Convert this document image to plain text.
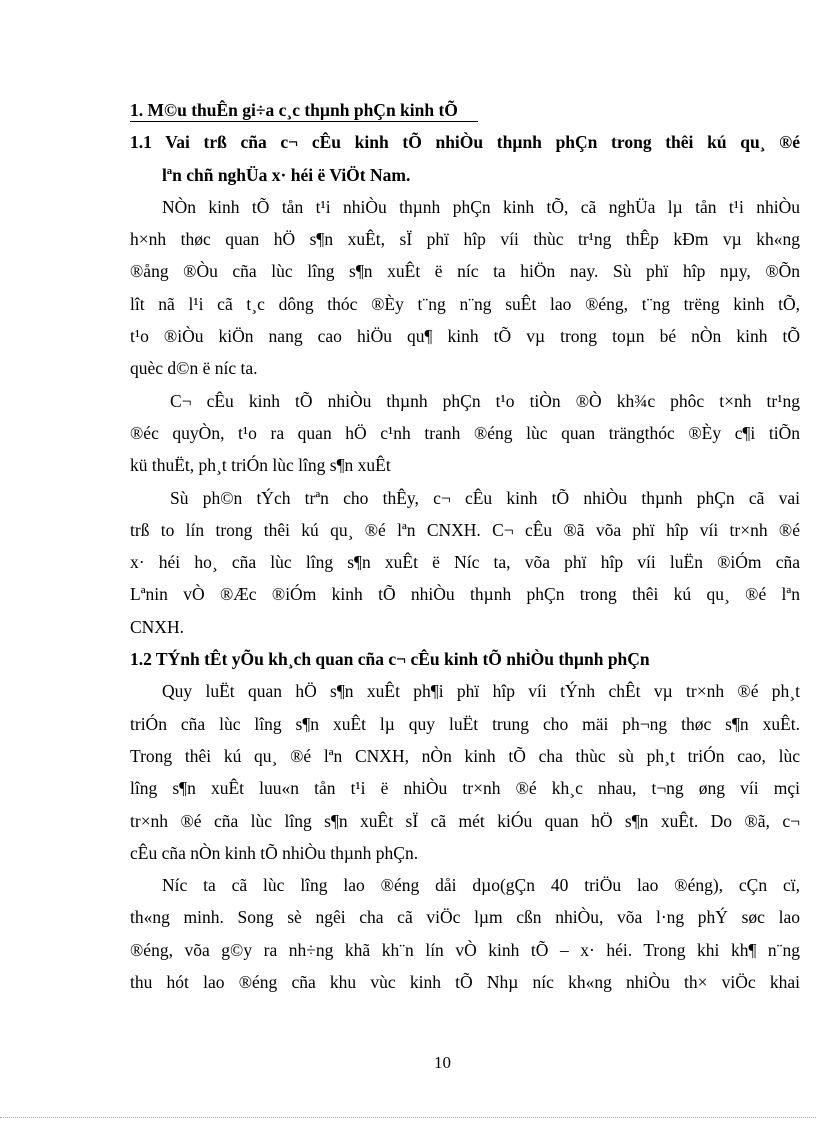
1. M©u thuÊn gi÷a c¸c thµnh phÇn kinh tÕ
1.1 Vai trß cña c¬ cÊu kinh tÕ nhiÒu thµnh phÇn trong thêi kú qu¸ ®é
lªn chñ nghÜa x· héi ë ViÖt Nam.
NÒn kinh tÕ tån t¹i nhiÒu thµnh phÇn kinh tÕ, cã nghÜa lµ tån t¹i nhiÒu
h×nh thøc quan hÖ s¶n xuÊt, sÏ phï hîp víi thùc tr¹ng thÊp kÐm vµ kh«ng
®ång ®Òu cña lùc lîng s¶n xuÊt ë níc ta hiÖn nay. Sù phï hîp nµy, ®Õn
lît nã l¹i cã t¸c dông thóc ®Èy t¨ng n¨ng suÊt lao ®éng, t¨ng trëng kinh tÕ,
t¹o ®iÒu kiÖn nang cao hiÖu qu¶ kinh tÕ vµ trong toµn bé nÒn kinh tÕ
quèc d©n ë níc ta.
C¬ cÊu kinh tÕ nhiÒu thµnh phÇn t¹o tiÒn ®Ò kh¾c phôc t×nh tr¹ng
®éc quyÒn, t¹o ra quan hÖ c¹nh tranh ®éng lùc quan trängthóc ®Èy c¶i tiÕn
kü thuËt, ph¸t triÓn lùc lîng s¶n xuÊt
Sù ph©n tÝch trªn cho thÊy, c¬ cÊu kinh tÕ nhiÒu thµnh phÇn cã vai
trß to lín trong thêi kú qu¸ ®é lªn CNXH. C¬ cÊu ®ã võa phï hîp víi tr×nh ®é
x· héi ho¸ cña lùc lîng s¶n xuÊt ë Níc ta, võa phï hîp víi luËn ®iÓm cña
Lªnin vÒ ®Æc ®iÓm kinh tÕ nhiÒu thµnh phÇn trong thêi kú qu¸ ®é lªn
CNXH.
1.2 TÝnh tÊt yÕu kh¸ch quan cña c¬ cÊu kinh tÕ nhiÒu thµnh phÇn
Quy luËt quan hÖ s¶n xuÊt ph¶i phï hîp víi tÝnh chÊt vµ tr×nh ®é ph¸t
triÓn cña lùc lîng s¶n xuÊt lµ quy luËt trung cho mäi ph¬ng thøc s¶n xuÊt.
Trong thêi kú qu¸ ®é lªn CNXH, nÒn kinh tÕ cha thùc sù ph¸t triÓn cao, lùc
lîng s¶n xuÊt luu«n tån t¹i ë nhiÒu tr×nh ®é kh¸c nhau, t¬ng øng víi mçi
tr×nh ®é cña lùc lîng s¶n xuÊt sÏ cã mét kiÓu quan hÖ s¶n xuÊt. Do ®ã, c¬
cÊu cña nÒn kinh tÕ nhiÒu thµnh phÇn.
Níc ta cã lùc lîng lao ®éng dåi dµo(gÇn 40 triÖu lao ®éng), cÇn cï,
th«ng minh. Song sè ngêi cha cã viÖc lµm cßn nhiÒu, võa l·ng phÝ søc lao
®éng, võa g©y ra nh÷ng khã kh¨n lín vÒ kinh tÕ – x· héi. Trong khi kh¶ n¨ng
thu hót lao ®éng cña khu vùc kinh tÕ Nhµ níc kh«ng nhiÒu th× viÖc khai
10
